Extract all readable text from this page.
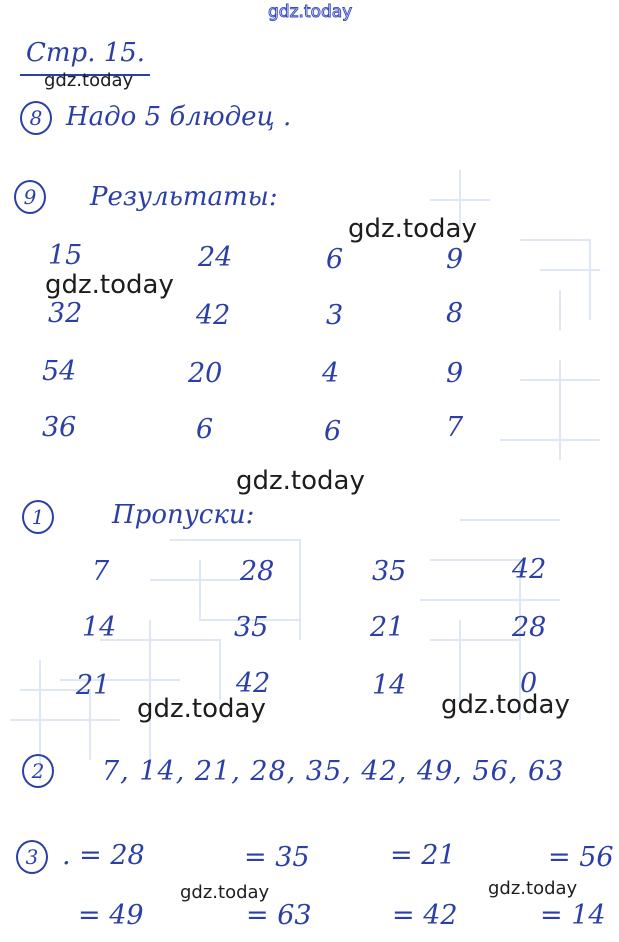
gdz.today
Стр. 15.
gdz.today
8 Надо 5 блюдец .
9	Результаты:
15	24	6	9
32	42	3	8
54	20	4	9
36	6	6	7
gdz.today
gdz.today
gdz.today
1	Пропуски:
7	28	35	42
14	35	21	28
21	42	14	0
gdz.today	gdz.today
2	7, 14, 21, 28, 35, 42, 49, 56, 63
3 . = 28	= 35	= 21	= 56
= 49	= 63	= 42	= 14
gdz.today	gdz.today
